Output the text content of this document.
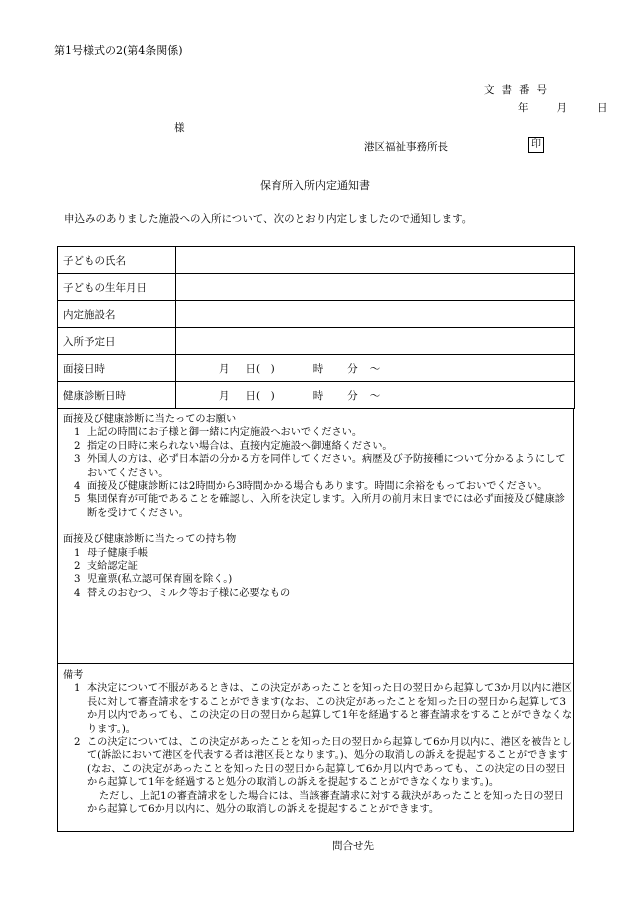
第1号様式の2(第4条関係)
文書番号
年	月	日
様
港区福祉事務所長	印
保育所入所内定通知書
申込みのありました施設への入所について、次のとおり内定しましたので通知します。
子どもの氏名	
子どもの生年月日	
内定施設名	
入所予定日	
面接日時	月 日(　) 時 分 ～
健康診断日時	月 日(　) 時 分 ～
面接及び健康診断に当たってのお願い
1 上記の時間にお子様と御一緒に内定施設へおいでください。
2 指定の日時に来られない場合は、直接内定施設へ御連絡ください。
3 外国人の方は、必ず日本語の分かる方を同伴してください。病歴及び予防接種について分かるようにしておいてください。
4 面接及び健康診断には2時間から3時間かかる場合もあります。時間に余裕をもっておいでください。
5 集団保育が可能であることを確認し、入所を決定します。入所月の前月末日までには必ず面接及び健康診断を受けてください。
面接及び健康診断に当たっての持ち物
1 母子健康手帳
2 支給認定証
3 児童票(私立認可保育園を除く。)
4 替えのおむつ、ミルク等お子様に必要なもの
備考
1 本決定について不服があるときは、この決定があったことを知った日の翌日から起算して3か月以内に港区長に対して審査請求をすることができます(なお、この決定があったことを知った日の翌日から起算して3か月以内であっても、この決定の日の翌日から起算して1年を経過すると審査請求をすることができなくなります。)。
2 この決定については、この決定があったことを知った日の翌日から起算して6か月以内に、港区を被告として(訴訟において港区を代表する者は港区長となります。)、処分の取消しの訴えを提起することができます(なお、この決定があったことを知った日の翌日から起算して6か月以内であっても、この決定の日の翌日から起算して1年を経過すると処分の取消しの訴えを提起することができなくなります。)。
ただし、上記1の審査請求をした場合には、当該審査請求に対する裁決があったことを知った日の翌日から起算して6か月以内に、処分の取消しの訴えを提起することができます。
問合せ先
